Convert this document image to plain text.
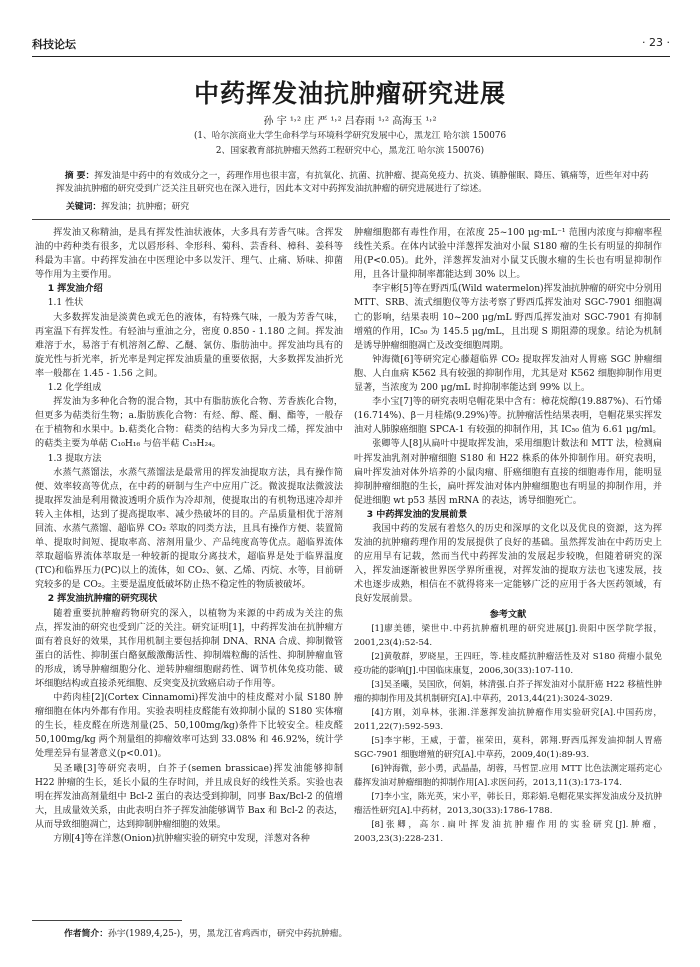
科技论坛	· 23 ·
中药挥发油抗肿瘤研究进展
孙 宇 ¹˒² 庄 严 ¹˒² 吕春雨 ¹˒² 高海玉 ¹˒²
(1、哈尔滨商业大学生命科学与环境科学研究发展中心，黑龙江 哈尔滨 150076
2、国家教育部抗肿瘤天然药工程研究中心，黑龙江 哈尔滨 150076)
摘 要：挥发油是中药中的有效成分之一，药理作用也很丰富，有抗氧化、抗菌、抗肿瘤、提高免疫力、抗炎、镇静催眠、降压、镇痛等，近些年对中药挥发油抗肿瘤的研究受到广泛关注且研究也在深入进行，因此本文对中药挥发油抗肿瘤的研究进展进行了综述。
关键词：挥发油；抗肿瘤；研究

挥发油又称精油，是具有挥发性油状液体，大多具有芳香气味。含挥发油的中药种类有很多，尤以唇形科、伞形科、菊科、芸香科、樟科、姜科等科最为丰富。中药挥发油在中医理论中多以发汗、理气、止痛、矫味、抑菌等作用为主要作用。

1 挥发油介绍
1.1 性状

大多数挥发油是淡黄色或无色的液体，有特殊气味，一般为芳香气味，再室温下有挥发性。有轻油与重油之分，密度 0.850 - 1.180 之间。挥发油难溶于水，易溶于有机溶剂乙醇、乙醚、氯仿、脂肪油中。挥发油均具有的旋光性与折光率，折光率是判定挥发油质量的重要依据，大多数挥发油折光率一般都在 1.45 - 1.56 之间。

1.2 化学组成

挥发油为多种化合物的混合物，其中有脂肪族化合物、芳香族化合物，但更多为萜类衍生物；a.脂肪族化合物：有烃、醇、醛、酮、酯等，一般存在于植物和水果中。b.萜类化合物：萜类的结构大多为异戊二烯，挥发油中的萜类主要为单萜 C₁₀H₁₆ 与倍半萜 C₁₅H₂₄。

1.3 提取方法

水蒸气蒸馏法，水蒸气蒸馏法是最常用的挥发油提取方法，具有操作简便、效率较高等优点，在中药的研制与生产中应用广泛。微波提取法微波法提取挥发油是利用微波透明介质作为冷却剂，使提取出的有机物迅速冷却并转入主体相，达到了提高提取率、减少热破坏的目的。产品质量相优于溶剂回流、水蒸气蒸馏、超临界 CO₂ 萃取的同类方法，且具有操作方便、装置简单、提取时间短、提取率高、溶剂用量少、产品纯度高等优点。超临界流体萃取超临界流体萃取是一种较新的提取分离技术，超临界是处于临界温度(TC)和临界压力(PC)以上的流体，如 CO₂、氨、乙烯、丙烷、水等，目前研究较多的是 CO₂。主要是温度低破坏防止热不稳定性的物质被破坏。

2 挥发油抗肿瘤的研究现状

随着重要抗肿瘤药物研究的深入，以植物为来源的中药成为关注的焦点，挥发油的研究也受到广泛的关注。研究证明[1]，中药挥发油在抗肿瘤方面有着良好的效果，其作用机制主要包括抑制 DNA、RNA 合成、抑制微管蛋白的活性、抑制蛋白酪氨酸激酶活性、抑制端粒酶的活性、抑制肿瘤血管的形成，诱导肿瘤细胞分化、逆转肿瘤细胞耐药性、调节机体免疫功能、破坏细胞结构或直接杀死细胞、反突变及抗致癌启动子作用等。

中药肉桂[2](Cortex Cinnamomi)挥发油中的桂皮醛对小鼠 S180 肿瘤细胞在体内外都有作用。实验表明桂皮醛能有效抑制小鼠的 S180 实体瘤的生长，桂皮醛在所选剂量(25、50,100mg/kg)条件下比较安全。桂皮醛 50,100mg/kg 两个剂量组的抑瘤效率可达到 33.08% 和 46.92%，统计学处理差异有显著意义(p<0.01)。

吴圣曦[3]等研究表明，白芥子(semen brassicae)挥发油能够抑制 H22 肿瘤的生长，延长小鼠的生存时间，并且成良好的线性关系。实验也表明在挥发油高剂量组中 Bcl-2 蛋白的表达受到抑制，同事 Bax/Bcl-2 的值增大，且成量效关系，由此表明白芥子挥发油能够调节 Bax 和 Bcl-2 的表达，从而导致细胞凋亡，达到抑制肿瘤细胞的效果。

方刚[4]等在洋葱(Onion)抗肿瘤实验的研究中发现，洋葱对各种

肿瘤细胞都有毒性作用，在浓度 25~100 μg·mL⁻¹ 范围内浓度与抑瘤率程线性关系。在体内试验中洋葱挥发油对小鼠 S180 瘤的生长有明显的抑制作用(P<0.05)。此外，洋葱挥发油对小鼠艾氏腹水瘤的生长也有明显抑制作用，且各计量抑制率都能达到 30% 以上。

李宇彬[5]等在野西瓜(Wild watermelon)挥发油抗肿瘤的研究中分别用 MTT、SRB、流式细胞仪等方法考察了野西瓜挥发油对 SGC-7901 细胞凋亡的影响，结果表明 10~200 μg/mL 野西瓜挥发油对 SGC-7901 有抑制增殖的作用，IC₅₀ 为 145.5 μg/mL，且出现 S 期阻滞的现象。结论为机制是诱导肿瘤细胞凋亡及改变细胞周期。

钟海微[6]等研究定心藤超临界 CO₂ 提取挥发油对人胃癌 SGC 肿瘤细胞、人白血病 K562 具有较强的抑制作用，尤其是对 K562 细胞抑制作用更显著，当浓度为 200 μg/mL 时抑制率能达到 99% 以上。

李小宝[7]等的研究表明皂帽花果中含有：樟花烷醇(19.887%)、石竹烯(16.714%)、β－月桂烯(9.29%)等。抗肿瘤活性结果表明，皂帽花果实挥发油对人肺腺癌细胞 SPCA-1 有较强的抑制作用，其 IC₅₀ 值为 6.61 μg/ml。

张卿等人[8]从扁叶中提取挥发油，采用细胞计数法和 MTT 法，检测扁叶挥发油乳剂对肿瘤细胞 S180 和 H22 株系的体外抑制作用。研究表明，扁叶挥发油对体外培养的小鼠肉瘤、肝癌细胞有直接的细胞毒作用，能明显抑制肿瘤细胞的生长，扁叶挥发油对体内肿瘤细胞也有明显的抑制作用，并促进细胞 wt p53 基因 mRNA 的表达，诱导细胞死亡。

3 中药挥发油的发展前景

我国中药的发展有着悠久的历史和深厚的文化以及优良的资源，这为挥发油的抗肿瘤药理作用的发展提供了良好的基础。虽然挥发油在中药历史上的应用早有记载，然而当代中药挥发油的发展起步较晚，但随着研究的深入，挥发油逐渐被世界医学界所重视，对挥发油的提取方法也飞速发展，技术也逐步成熟，相信在不就得将来一定能够广泛的应用于各大医药领域，有良好发展前景。

参考文献

[1]廖美德，梁世中.中药抗肿瘤机理的研究进展[J].贵阳中医学院学报，2001,23(4):52-54.

[2]黄敬群，罗晓星，王四旺，等.桂皮醛抗肿瘤活性及对 S180 荷瘤小鼠免疫功能的影响[J].中国临床康复，2006,30(33):107-110.

[3]吴圣曦，吴国欣，何娟，林清强.白芥子挥发油对小鼠肝癌 H22 移植性肿瘤的抑制作用及其机制研究[A].中草药，2013,44(21):3024-3029.

[4]方刚，刘阜林，张湘.洋葱挥发油抗肿瘤作用实验研究[A].中国药房，2011,22(7):592-593.

[5]李宇彬，王威，于蕾，崔荣田，莫科，郭翔.野西瓜挥发油抑制人胃癌 SGC-7901 细胞增殖的研究[A].中草药，2009,40(1):89-93.

[6]钟海微，彭小勇，武晶晶，胡蓉，马哲罡.应用 MTT 比色法测定瑶药定心藤挥发油对肿瘤细胞的抑制作用[A].求医问药，2013,11(3):173-174.

[7]李小宝，陈光英，宋小平，韩长日，郑彩娟.皂帽花果实挥发油成分及抗肿瘤活性研究[A].中药材，2013,30(33):1786-1788.

[8]张卿，高尔.扁叶挥发油抗肿瘤作用的实验研究[J].肿瘤，2003,23(3):228-231.

作者简介：孙宇(1989,4,25-)，男，黑龙江省鸡西市，研究中药抗肿瘤。
